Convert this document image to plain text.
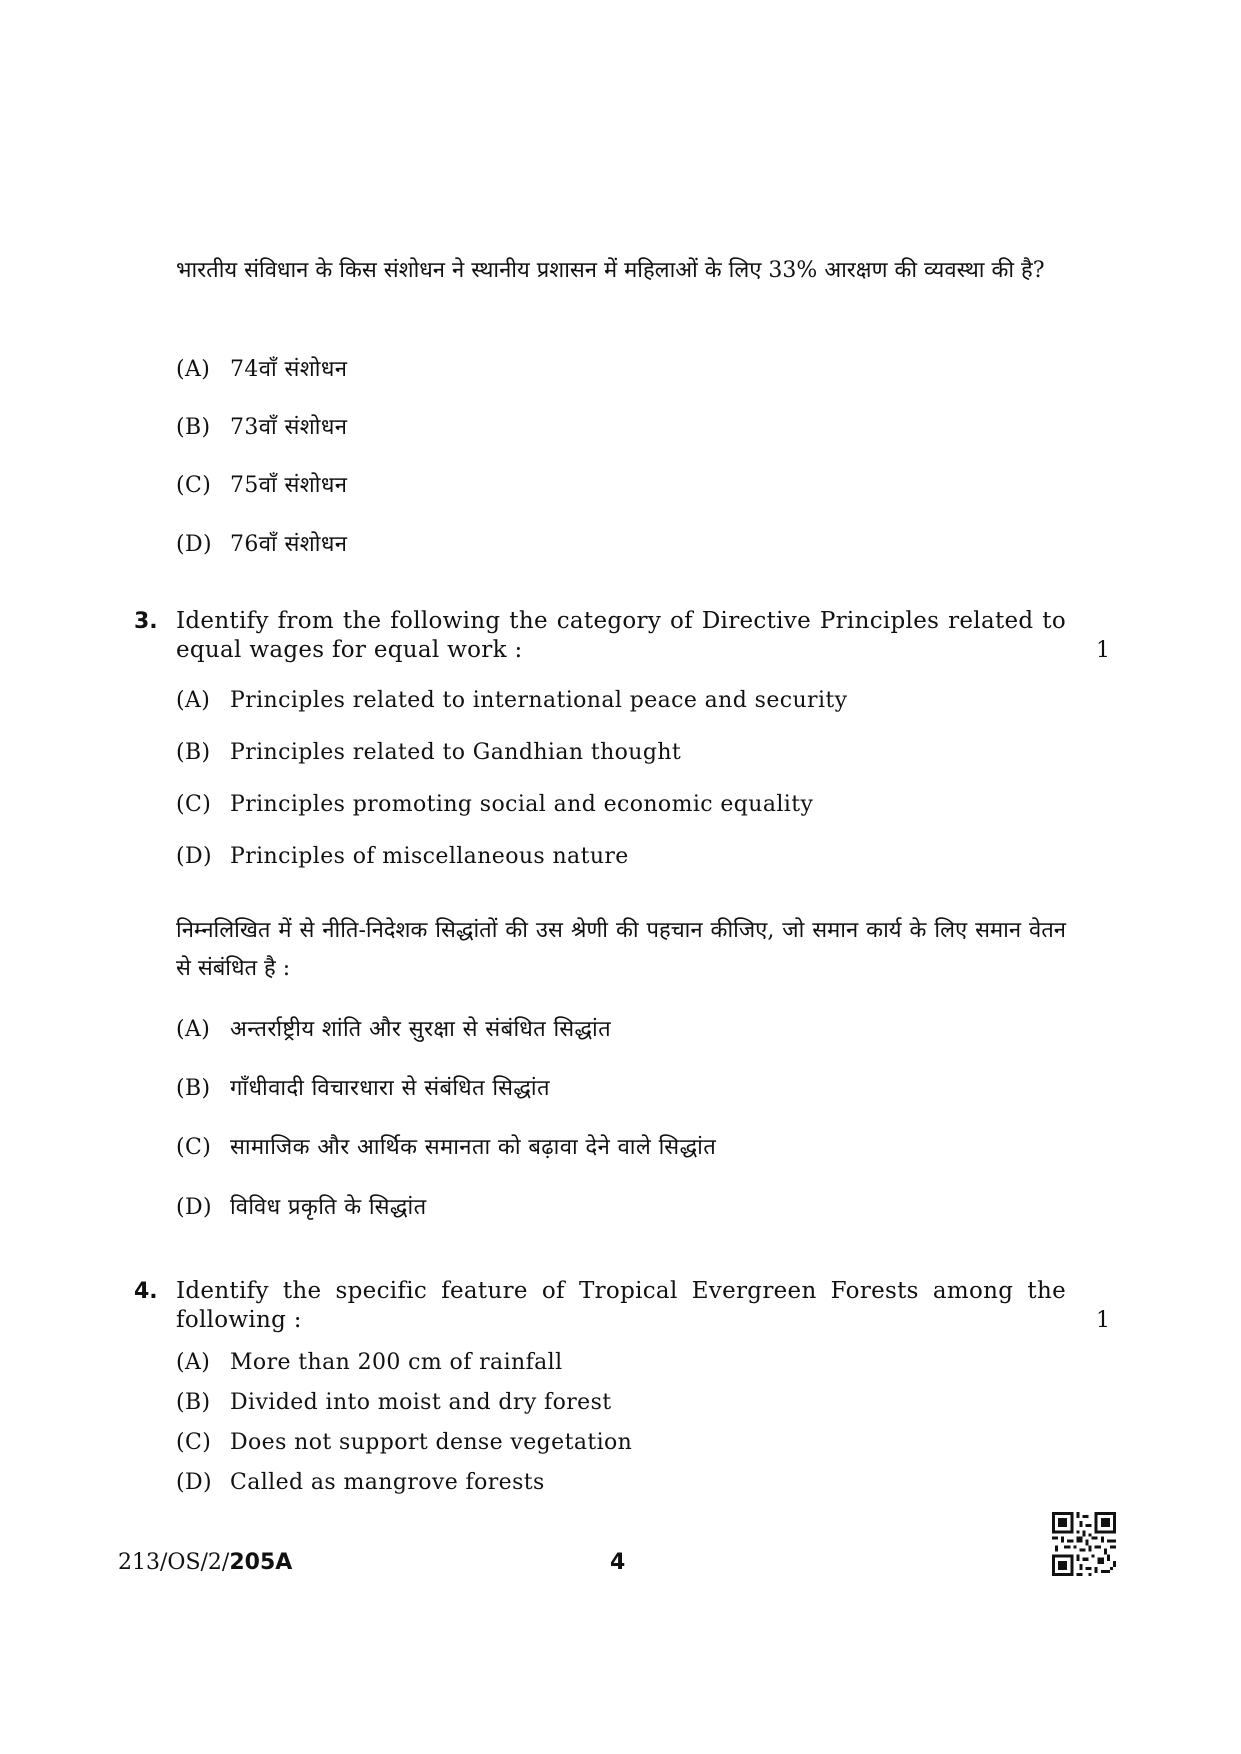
भारतीय संविधान के किस संशोधन ने स्थानीय प्रशासन में महिलाओं के लिए 33% आरक्षण की व्यवस्था की है?
(A) 74वाँ संशोधन
(B) 73वाँ संशोधन
(C) 75वाँ संशोधन
(D) 76वाँ संशोधन
3. Identify from the following the category of Directive Principles related to equal wages for equal work :	1
(A) Principles related to international peace and security
(B) Principles related to Gandhian thought
(C) Principles promoting social and economic equality
(D) Principles of miscellaneous nature
निम्नलिखित में से नीति-निदेशक सिद्धांतों की उस श्रेणी की पहचान कीजिए, जो समान कार्य के लिए समान वेतन से संबंधित है :
(A) अन्तर्राष्ट्रीय शांति और सुरक्षा से संबंधित सिद्धांत
(B) गाँधीवादी विचारधारा से संबंधित सिद्धांत
(C) सामाजिक और आर्थिक समानता को बढ़ावा देने वाले सिद्धांत
(D) विविध प्रकृति के सिद्धांत
4. Identify the specific feature of Tropical Evergreen Forests among the following :	1
(A) More than 200 cm of rainfall
(B) Divided into moist and dry forest
(C) Does not support dense vegetation
(D) Called as mangrove forests
213/OS/2/205A	4
